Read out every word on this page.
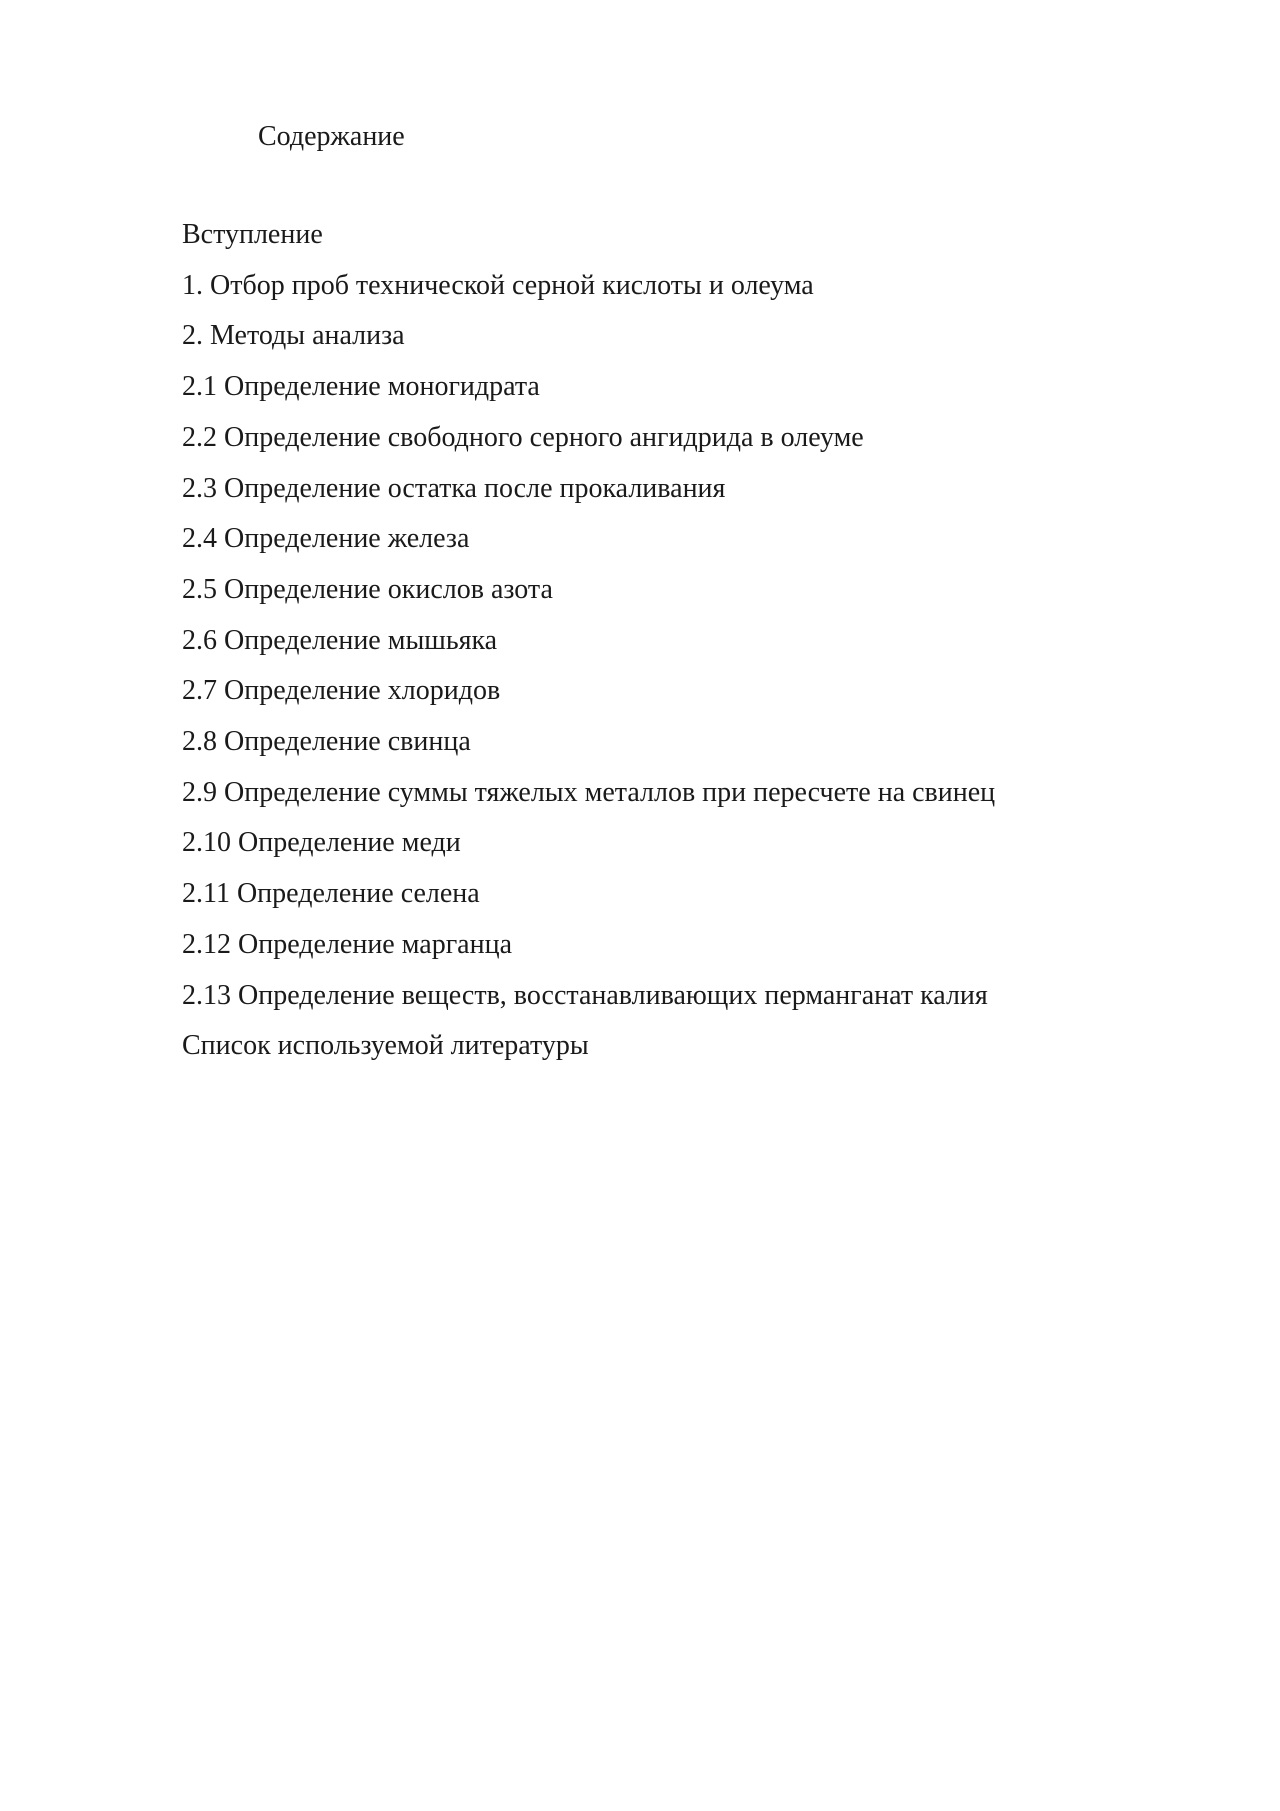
Содержание
Вступление
1. Отбор проб технической серной кислоты и олеума
2. Методы анализа
2.1 Определение моногидрата
2.2 Определение свободного серного ангидрида в олеуме
2.3 Определение остатка после прокаливания
2.4 Определение железа
2.5 Определение окислов азота
2.6 Определение мышьяка
2.7 Определение хлоридов
2.8 Определение свинца
2.9 Определение суммы тяжелых металлов при пересчете на свинец
2.10 Определение меди
2.11 Определение селена
2.12 Определение марганца
2.13 Определение веществ, восстанавливающих перманганат калия
Список используемой литературы
